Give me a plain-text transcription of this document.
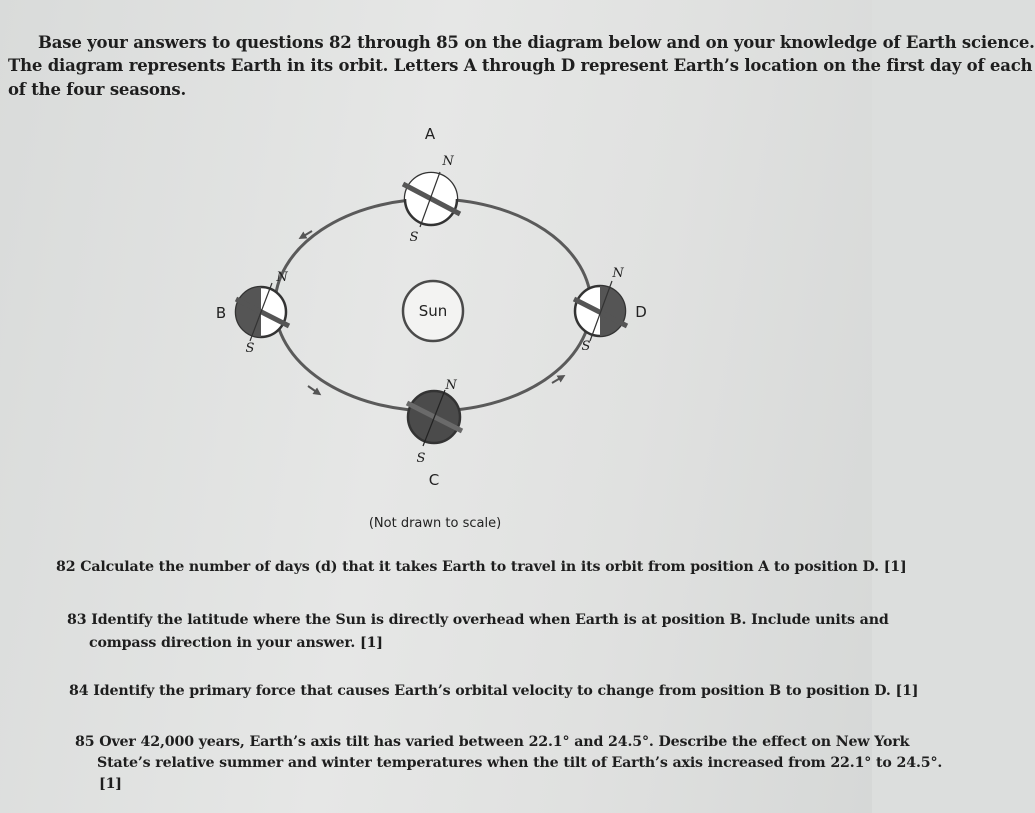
Base your answers to questions 82 through 85 on the diagram below and on your knowledge of Earth science.
The diagram represents Earth in its orbit. Letters A through D represent Earth’s location on the first day of each
of the four seasons.
Sun
A
N
S
B
N
S
D
N
S
N
S
C
(Not drawn to scale)
82 Calculate the number of days (d) that it takes Earth to travel in its orbit from position A to position D. [1]
83 Identify the latitude where the Sun is directly overhead when Earth is at position B. Include units and
compass direction in your answer. [1]
84 Identify the primary force that causes Earth’s orbital velocity to change from position B to position D. [1]
85 Over 42,000 years, Earth’s axis tilt has varied between 22.1° and 24.5°. Describe the effect on New York
State’s relative summer and winter temperatures when the tilt of Earth’s axis increased from 22.1° to 24.5°.
[1]
